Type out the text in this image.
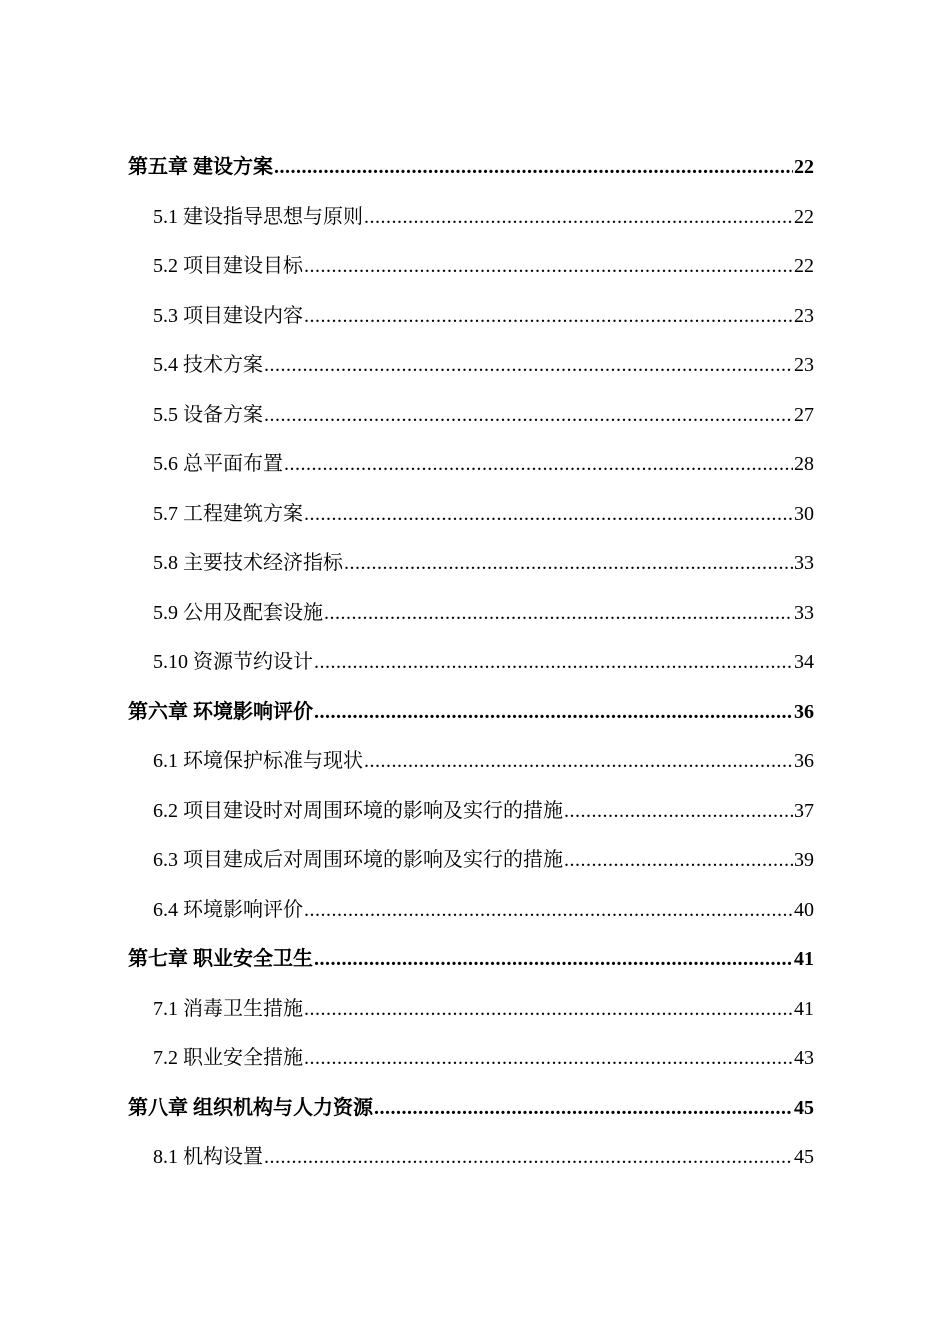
第五章 建设方案 .....	22
5.1 建设指导思想与原则 .....	22
5.2 项目建设目标 .....	22
5.3 项目建设内容 .....	23
5.4 技术方案 .....	23
5.5 设备方案 .....	27
5.6 总平面布置 .....	28
5.7 工程建筑方案 .....	30
5.8 主要技术经济指标 .....	33
5.9 公用及配套设施 .....	33
5.10 资源节约设计 .....	34
第六章 环境影响评价 .....	36
6.1 环境保护标准与现状 .....	36
6.2 项目建设时对周围环境的影响及实行的措施 .....	37
6.3 项目建成后对周围环境的影响及实行的措施 .....	39
6.4 环境影响评价 .....	40
第七章 职业安全卫生 .....	41
7.1 消毒卫生措施 .....	41
7.2 职业安全措施 .....	43
第八章 组织机构与人力资源 .....	45
8.1 机构设置 .....	45
